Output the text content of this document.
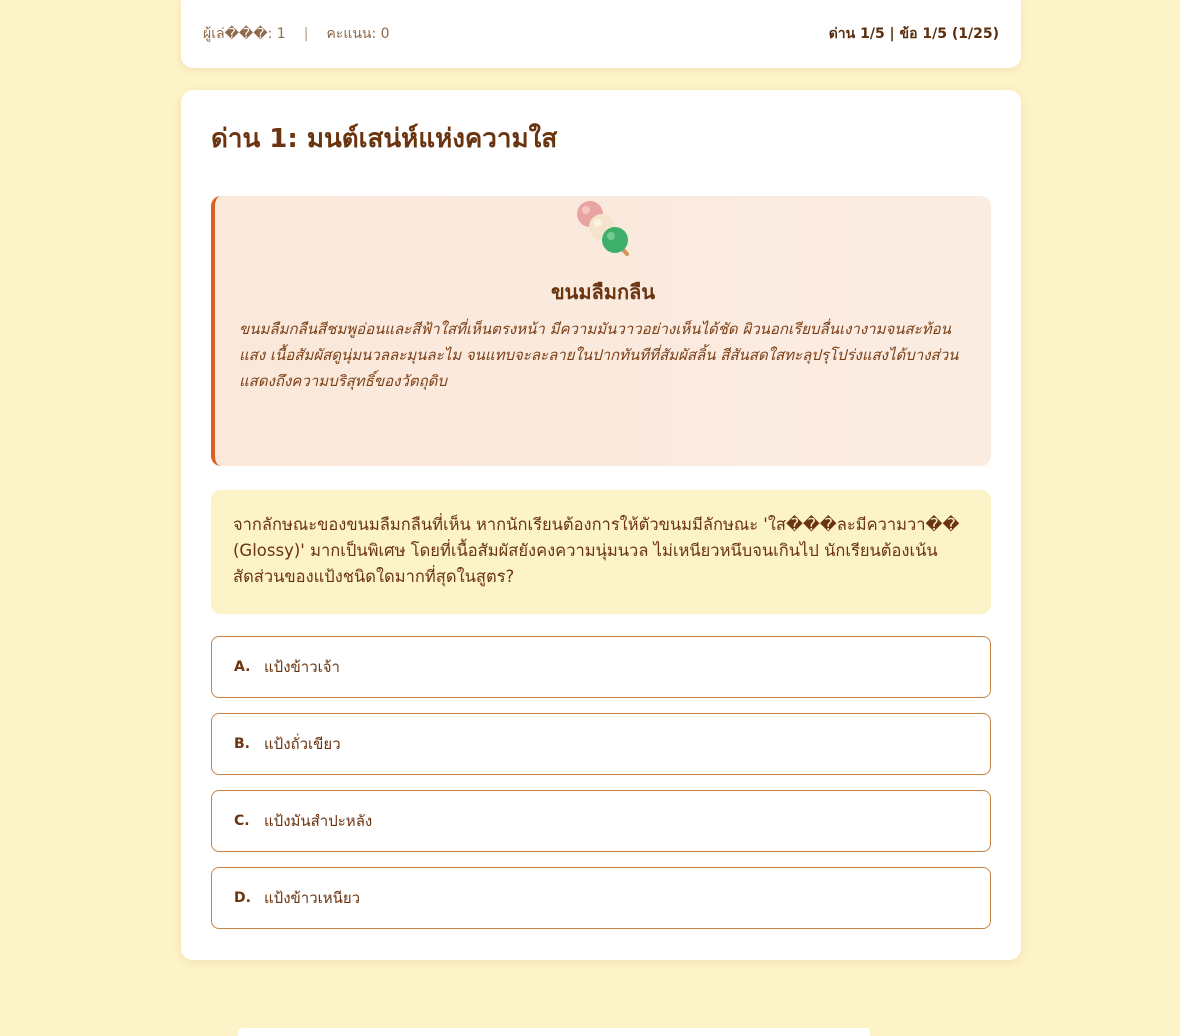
ผู้เล่���: 1 | คะแนน: 0	ด่าน 1/5 | ข้อ 1/5 (1/25)
ด่าน 1: มนต์เสน่ห์แห่งความใส
ขนมลืมกลืน

ขนมลืมกลืนสีชมพูอ่อนและสีฟ้าใสที่เห็นตรงหน้า มีความมันวาวอย่างเห็นได้ชัด ผิวนอกเรียบลื่นเงางามจนสะท้อนแสง เนื้อสัมผัสดูนุ่มนวลละมุนละไม จนแทบจะละลายในปากทันทีที่สัมผัสลิ้น สีสันสดใสทะลุปรุโปร่งแสงได้บางส่วน แสดงถึงความบริสุทธิ์ของวัตถุดิบ

จากลักษณะของขนมลืมกลืนที่เห็น หากนักเรียนต้องการให้ตัวขนมมีลักษณะ 'ใส���ละมีความวา�� (Glossy)' มากเป็นพิเศษ โดยที่เนื้อสัมผัสยังคงความนุ่มนวล ไม่เหนียวหนึบจนเกินไป นักเรียนต้องเน้นสัดส่วนของแป้งชนิดใดมากที่สุดในสูตร?

A. แป้งข้าวเจ้า
B. แป้งถั่วเขียว
C. แป้งมันสำปะหลัง
D. แป้งข้าวเหนียว
